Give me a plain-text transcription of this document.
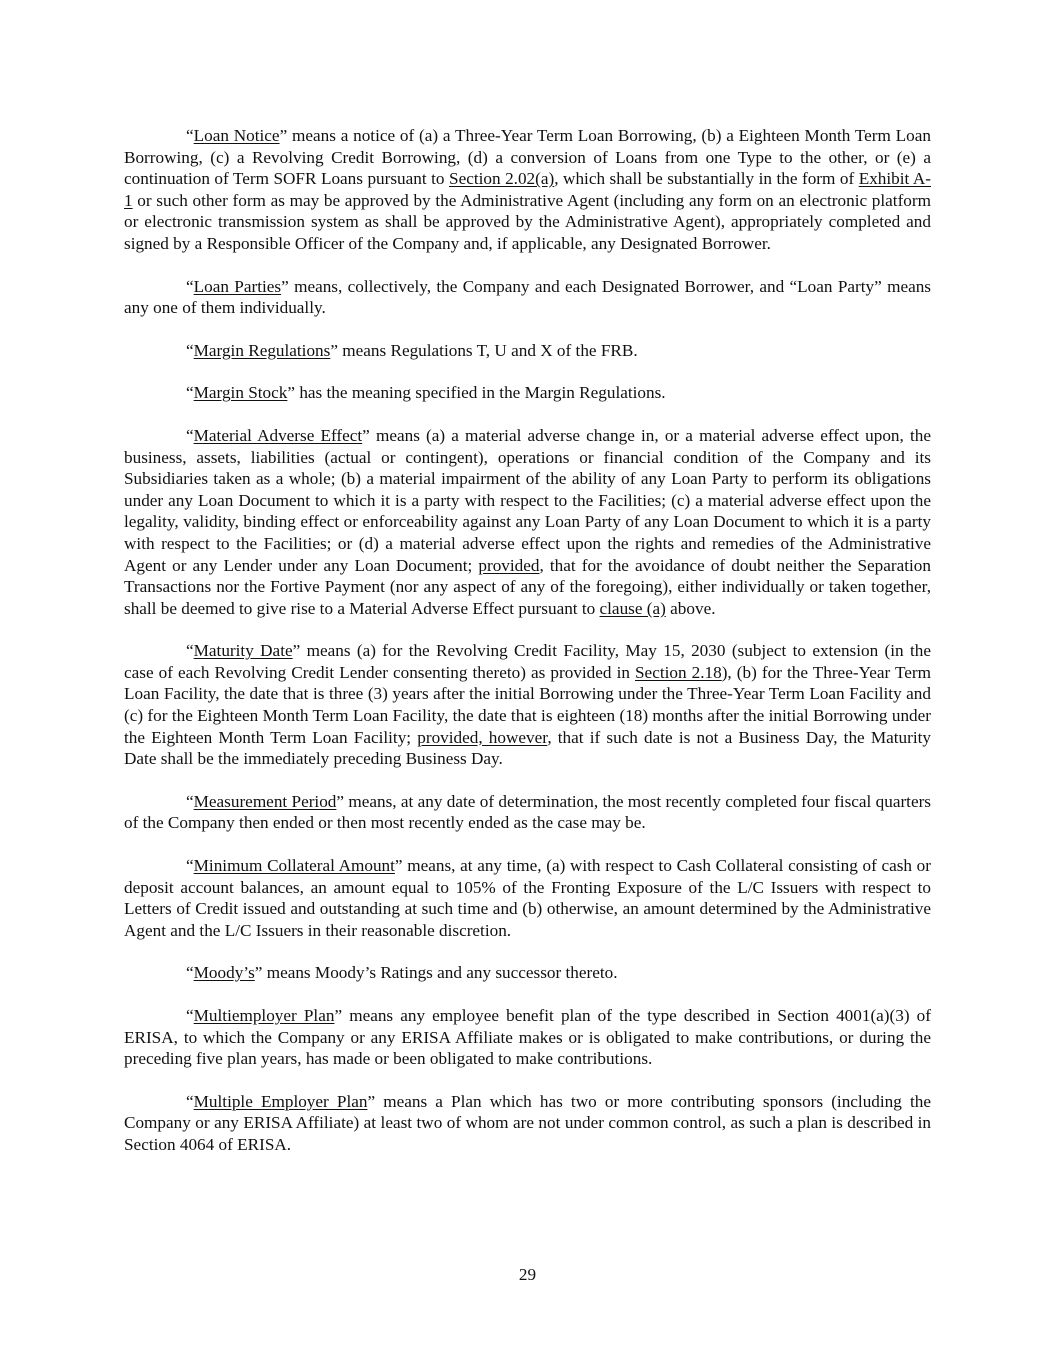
“Loan Notice” means a notice of (a) a Three-Year Term Loan Borrowing, (b) a Eighteen Month Term Loan Borrowing, (c) a Revolving Credit Borrowing, (d) a conversion of Loans from one Type to the other, or (e) a continuation of Term SOFR Loans pursuant to Section 2.02(a), which shall be substantially in the form of Exhibit A-1 or such other form as may be approved by the Administrative Agent (including any form on an electronic platform or electronic transmission system as shall be approved by the Administrative Agent), appropriately completed and signed by a Responsible Officer of the Company and, if applicable, any Designated Borrower.

“Loan Parties” means, collectively, the Company and each Designated Borrower, and “Loan Party” means any one of them individually.

“Margin Regulations” means Regulations T, U and X of the FRB.

“Margin Stock” has the meaning specified in the Margin Regulations.

“Material Adverse Effect” means (a) a material adverse change in, or a material adverse effect upon, the business, assets, liabilities (actual or contingent), operations or financial condition of the Company and its Subsidiaries taken as a whole; (b) a material impairment of the ability of any Loan Party to perform its obligations under any Loan Document to which it is a party with respect to the Facilities; (c) a material adverse effect upon the legality, validity, binding effect or enforceability against any Loan Party of any Loan Document to which it is a party with respect to the Facilities; or (d) a material adverse effect upon the rights and remedies of the Administrative Agent or any Lender under any Loan Document; provided, that for the avoidance of doubt neither the Separation Transactions nor the Fortive Payment (nor any aspect of any of the foregoing), either individually or taken together, shall be deemed to give rise to a Material Adverse Effect pursuant to clause (a) above.

“Maturity Date” means (a) for the Revolving Credit Facility, May 15, 2030 (subject to extension (in the case of each Revolving Credit Lender consenting thereto) as provided in Section 2.18), (b) for the Three-Year Term Loan Facility, the date that is three (3) years after the initial Borrowing under the Three-Year Term Loan Facility and (c) for the Eighteen Month Term Loan Facility, the date that is eighteen (18) months after the initial Borrowing under the Eighteen Month Term Loan Facility; provided, however, that if such date is not a Business Day, the Maturity Date shall be the immediately preceding Business Day.

“Measurement Period” means, at any date of determination, the most recently completed four fiscal quarters of the Company then ended or then most recently ended as the case may be.

“Minimum Collateral Amount” means, at any time, (a) with respect to Cash Collateral consisting of cash or deposit account balances, an amount equal to 105% of the Fronting Exposure of the L/C Issuers with respect to Letters of Credit issued and outstanding at such time and (b) otherwise, an amount determined by the Administrative Agent and the L/C Issuers in their reasonable discretion.

“Moody’s” means Moody’s Ratings and any successor thereto.

“Multiemployer Plan” means any employee benefit plan of the type described in Section 4001(a)(3) of ERISA, to which the Company or any ERISA Affiliate makes or is obligated to make contributions, or during the preceding five plan years, has made or been obligated to make contributions.

“Multiple Employer Plan” means a Plan which has two or more contributing sponsors (including the Company or any ERISA Affiliate) at least two of whom are not under common control, as such a plan is described in Section 4064 of ERISA.

29
